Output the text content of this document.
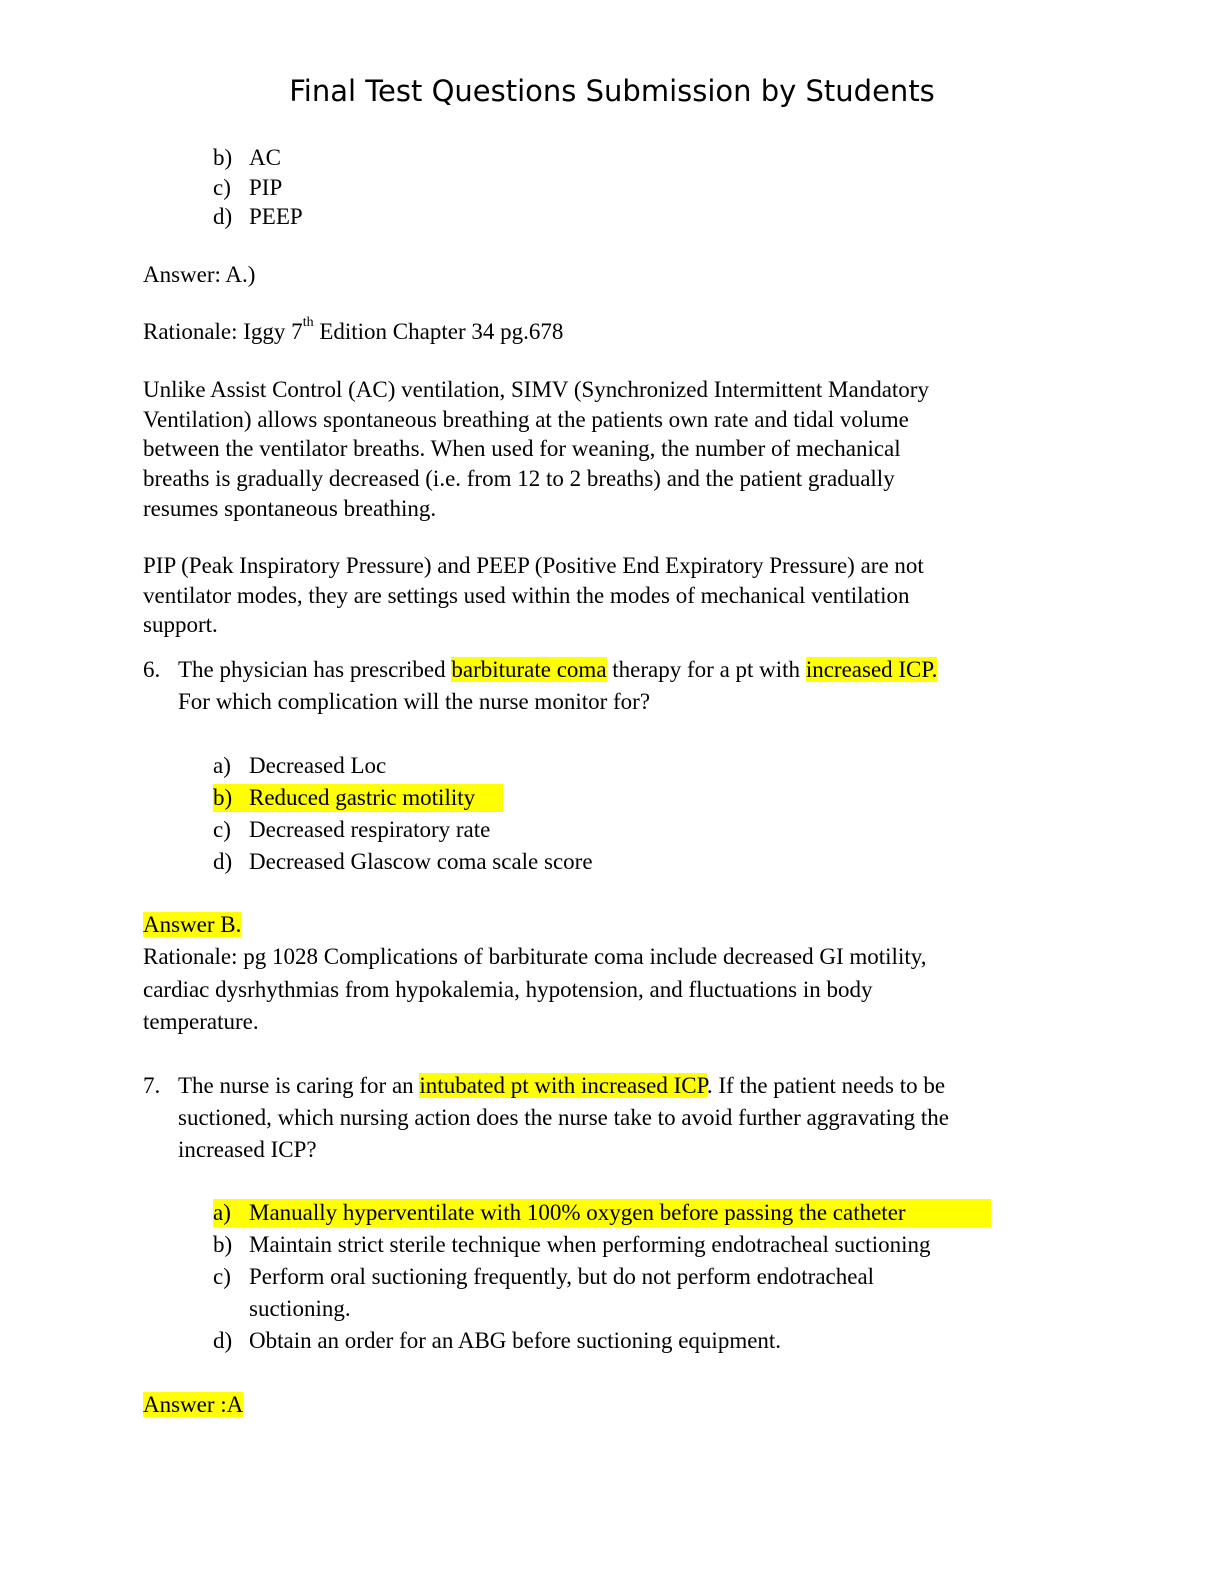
Final Test Questions Submission by Students
b) AC
c) PIP
d) PEEP
Answer: A.)
Rationale: Iggy 7th Edition Chapter 34 pg.678
Unlike Assist Control (AC) ventilation, SIMV (Synchronized Intermittent Mandatory
Ventilation) allows spontaneous breathing at the patients own rate and tidal volume
between the ventilator breaths. When used for weaning, the number of mechanical
breaths is gradually decreased (i.e. from 12 to 2 breaths) and the patient gradually
resumes spontaneous breathing.
PIP (Peak Inspiratory Pressure) and PEEP (Positive End Expiratory Pressure) are not
ventilator modes, they are settings used within the modes of mechanical ventilation
support.
6. The physician has prescribed barbiturate coma therapy for a pt with increased ICP.
For which complication will the nurse monitor for?
a) Decreased Loc
b) Reduced gastric motility
c) Decreased respiratory rate
d) Decreased Glascow coma scale score
Answer B.
Rationale: pg 1028 Complications of barbiturate coma include decreased GI motility,
cardiac dysrhythmias from hypokalemia, hypotension, and fluctuations in body
temperature.
7. The nurse is caring for an intubated pt with increased ICP. If the patient needs to be
suctioned, which nursing action does the nurse take to avoid further aggravating the
increased ICP?
a) Manually hyperventilate with 100% oxygen before passing the catheter
b) Maintain strict sterile technique when performing endotracheal suctioning
c) Perform oral suctioning frequently, but do not perform endotracheal
suctioning.
d) Obtain an order for an ABG before suctioning equipment.
Answer :A
